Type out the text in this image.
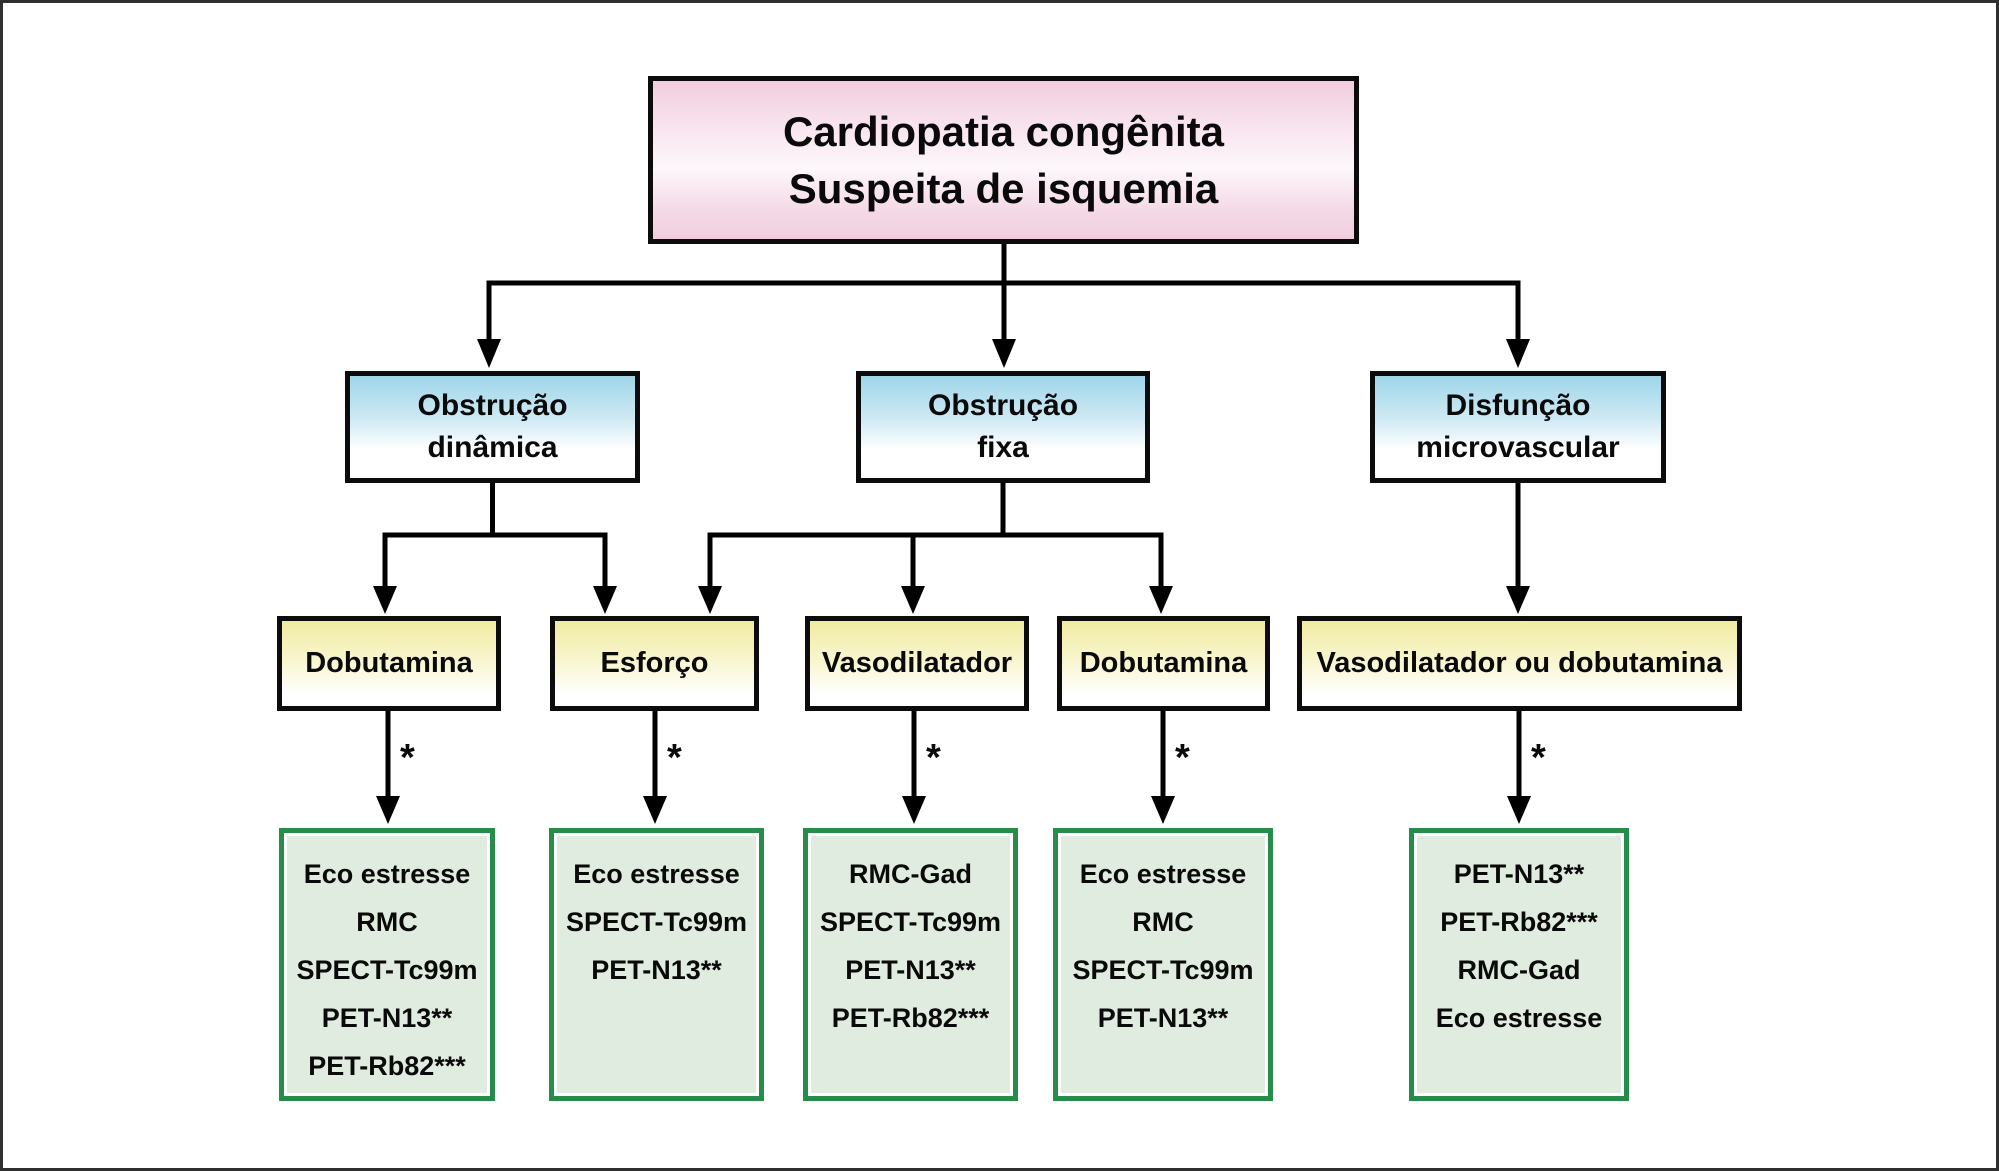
Cardiopatia congênita
Suspeita de isquemia
Obstrução
dinâmica
Obstrução
fixa
Disfunção
microvascular
Dobutamina	Esforço	Vasodilatador Dobutamina Vasodilatador ou dobutamina
*	*	*	*	*
Eco estresse
RMC
SPECT-Tc99m
PET-N13**
PET-Rb82***
Eco estresse
SPECT-Tc99m
PET-N13**
RMC-Gad
SPECT-Tc99m
PET-N13**
PET-Rb82***
Eco estresse
RMC
SPECT-Tc99m
PET-N13**
PET-N13**
PET-Rb82***
RMC-Gad
Eco estresse
